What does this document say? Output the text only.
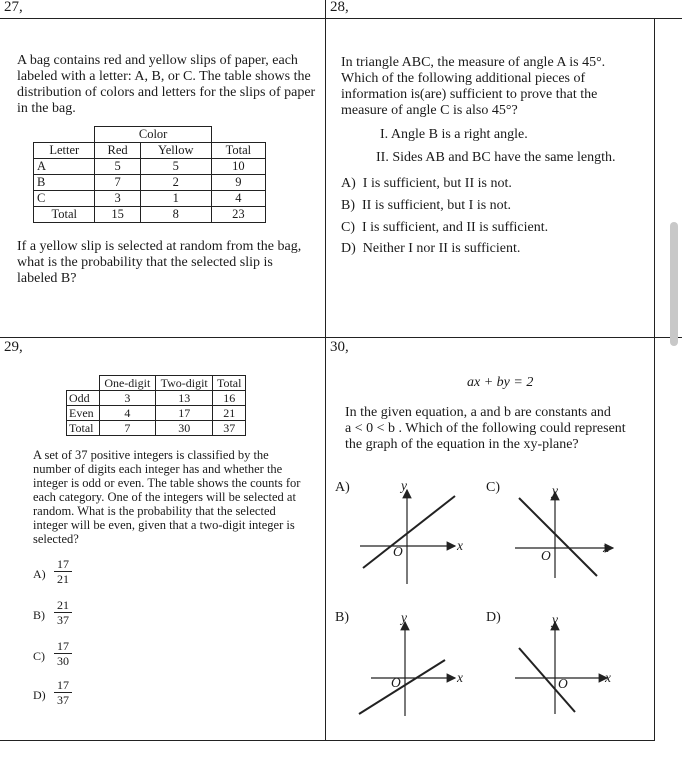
27,
A bag contains red and yellow slips of paper, each
labeled with a letter: A, B, or C. The table shows the
distribution of colors and letters for the slips of paper
in the bag.
	Color		
Letter	Red	Yellow	Total
A	5	5	10
B	7	2	9
C	3	1	4
Total	15	8	23
If a yellow slip is selected at random from the bag,
what is the probability that the selected slip is
labeled B?
28,
In triangle ABC, the measure of angle A is 45°.
Which of the following additional pieces of
information is(are) sufficient to prove that the
measure of angle C is also 45°?
I. Angle B is a right angle.
II. Sides AB and BC have the same length.
A) I is sufficient, but II is not.
B) II is sufficient, but I is not.
C) I is sufficient, and II is sufficient.
D) Neither I nor II is sufficient.
29,
	One-digit	Two-digit	Total
Odd	3	13	16
Even	4	17	21
Total	7	30	37
A set of 37 positive integers is classified by the
number of digits each integer has and whether the
integer is odd or even. The table shows the counts for
each category. One of the integers will be selected at
random. What is the probability that the selected
integer will be even, given that a two-digit integer is
selected?
$A) \frac{17}{21}$
$B) \frac{21}{37}$
$C) \frac{17}{30}$
$D) \frac{17}{37}$
30,
ax + by = 2
In the given equation, a and b are constants and
a < 0 < b . Which of the following could represent
the graph of the equation in the xy-plane?
A)
B)
C)
D)
y
x
O
y
x
O
y
x
O
y
x
O
